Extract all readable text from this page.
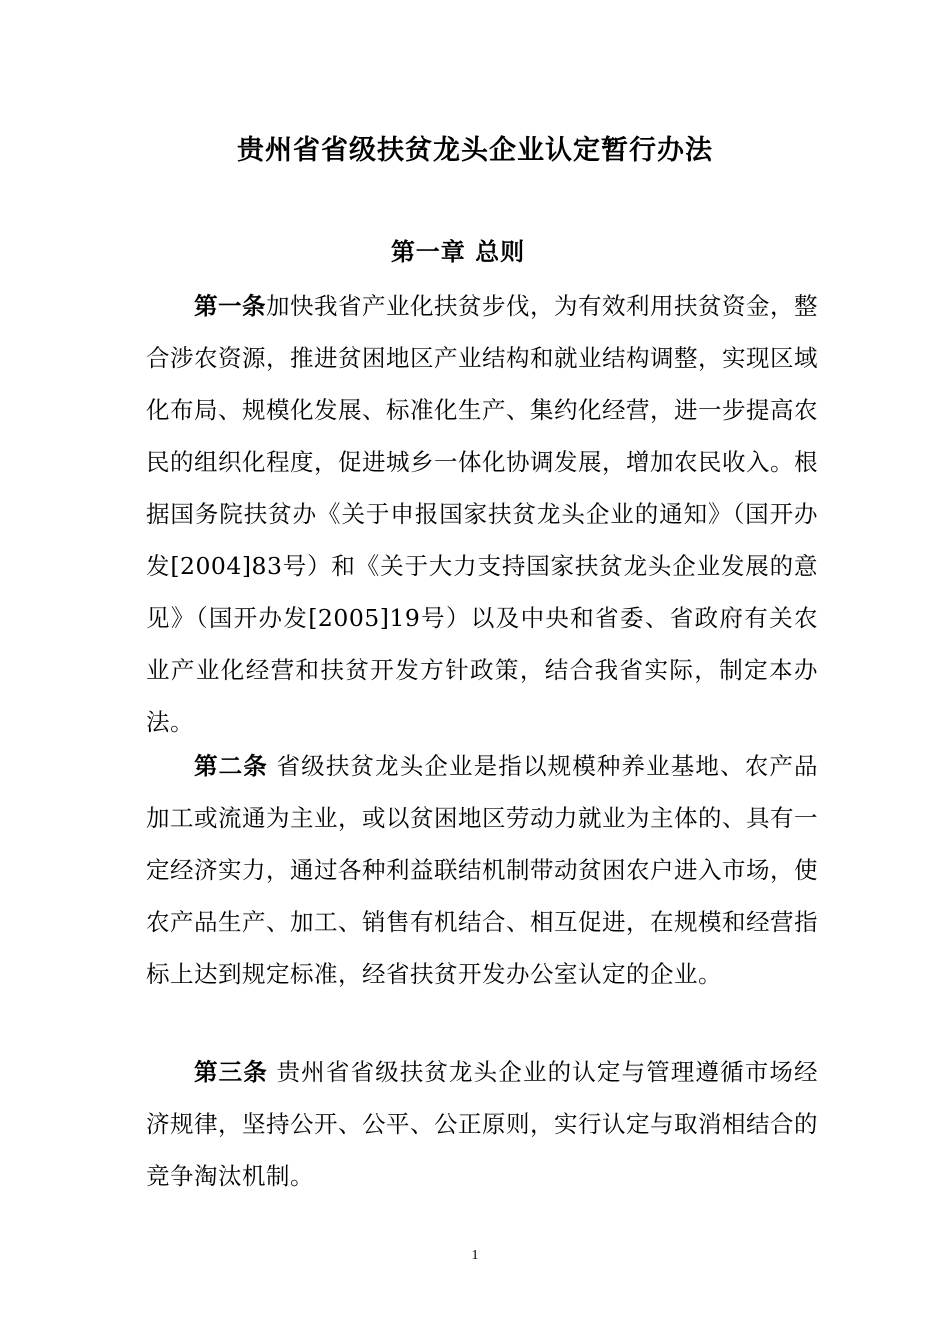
贵州省省级扶贫龙头企业认定暂行办法
第一章 总则

第一条加快我省产业化扶贫步伐，为有效利用扶贫资金，整合涉农资源，推进贫困地区产业结构和就业结构调整，实现区域化布局、规模化发展、标准化生产、集约化经营，进一步提高农民的组织化程度，促进城乡一体化协调发展，增加农民收入。根据国务院扶贫办《关于申报国家扶贫龙头企业的通知》（国开办发[2004]83号）和《关于大力支持国家扶贫龙头企业发展的意见》（国开办发[2005]19号）以及中央和省委、省政府有关农业产业化经营和扶贫开发方针政策，结合我省实际，制定本办法。

第二条 省级扶贫龙头企业是指以规模种养业基地、农产品加工或流通为主业，或以贫困地区劳动力就业为主体的、具有一定经济实力，通过各种利益联结机制带动贫困农户进入市场，使农产品生产、加工、销售有机结合、相互促进，在规模和经营指标上达到规定标准，经省扶贫开发办公室认定的企业。

第三条 贵州省省级扶贫龙头企业的认定与管理遵循市场经济规律，坚持公开、公平、公正原则，实行认定与取消相结合的竞争淘汰机制。

1
